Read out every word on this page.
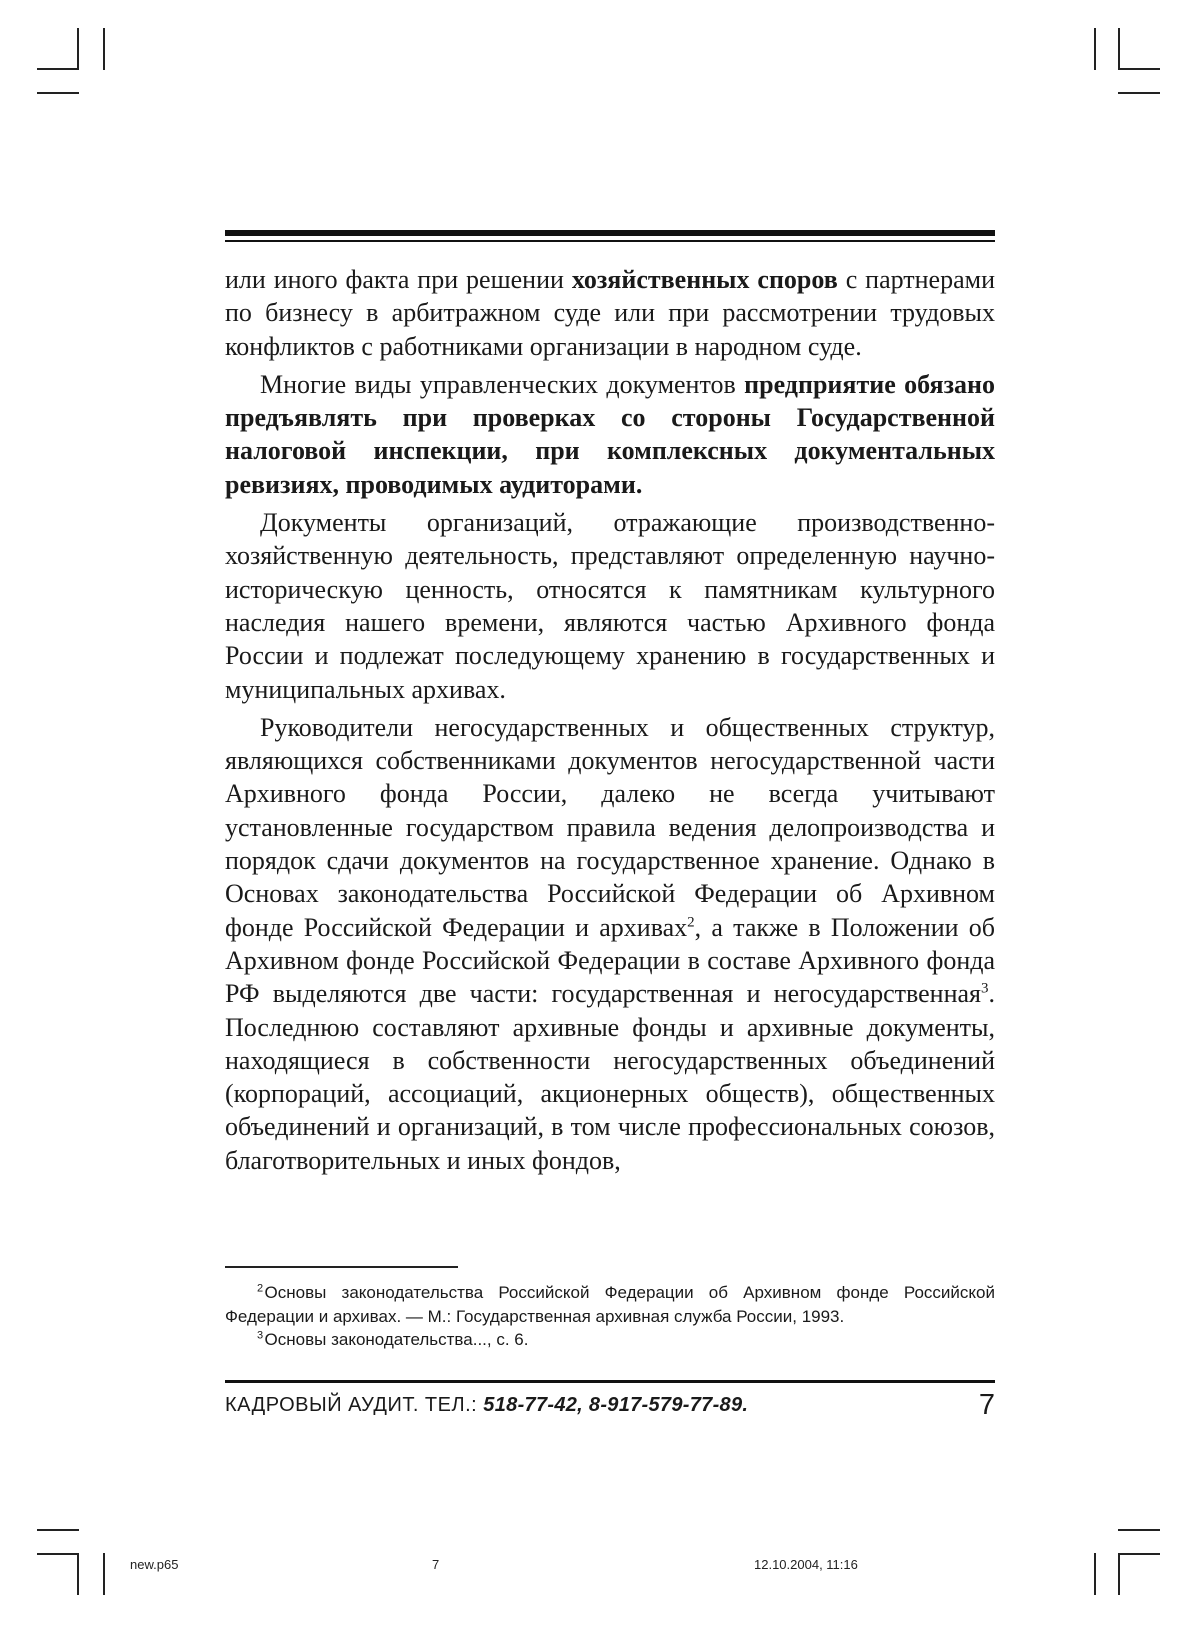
или иного факта при решении хозяйственных споров с партнерами по бизнесу в арбитражном суде или при рассмотрении трудовых конфликтов с работниками организации в народном суде.

Многие виды управленческих документов предприятие обязано предъявлять при проверках со стороны Государственной налоговой инспекции, при комплексных документальных ревизиях, проводимых аудиторами.

Документы организаций, отражающие производственно-хозяйственную деятельность, представляют определенную научно-историческую ценность, относятся к памятникам культурного наследия нашего времени, являются частью Архивного фонда России и подлежат последующему хранению в государственных и муниципальных архивах.

Руководители негосударственных и общественных структур, являющихся собственниками документов негосударственной части Архивного фонда России, далеко не всегда учитывают установленные государством правила ведения делопроизводства и порядок сдачи документов на государственное хранение. Однако в Основах законодательства Российской Федерации об Архивном фонде Российской Федерации и архивах$^2$, а также в Положении об Архивном фонде Российской Федерации в составе Архивного фонда РФ выделяются две части: государственная и негосударственная$^3$. Последнюю составляют архивные фонды и архивные документы, находящиеся в собственности негосударственных объединений (корпораций, ассоциаций, акционерных обществ), общественных объединений и организаций, в том числе профессиональных союзов, благотворительных и иных фондов,

$^2$ Основы законодательства Российской Федерации об Архивном фонде Российской Федерации и архивах. — М.: Государственная архивная служба России, 1993.

$^3$ Основы законодательства..., с. 6.

КАДРОВЫЙ АУДИТ. ТЕЛ.: 518-77-42, 8-917-579-77-89.	7
new.p65	7	12.10.2004, 11:16
